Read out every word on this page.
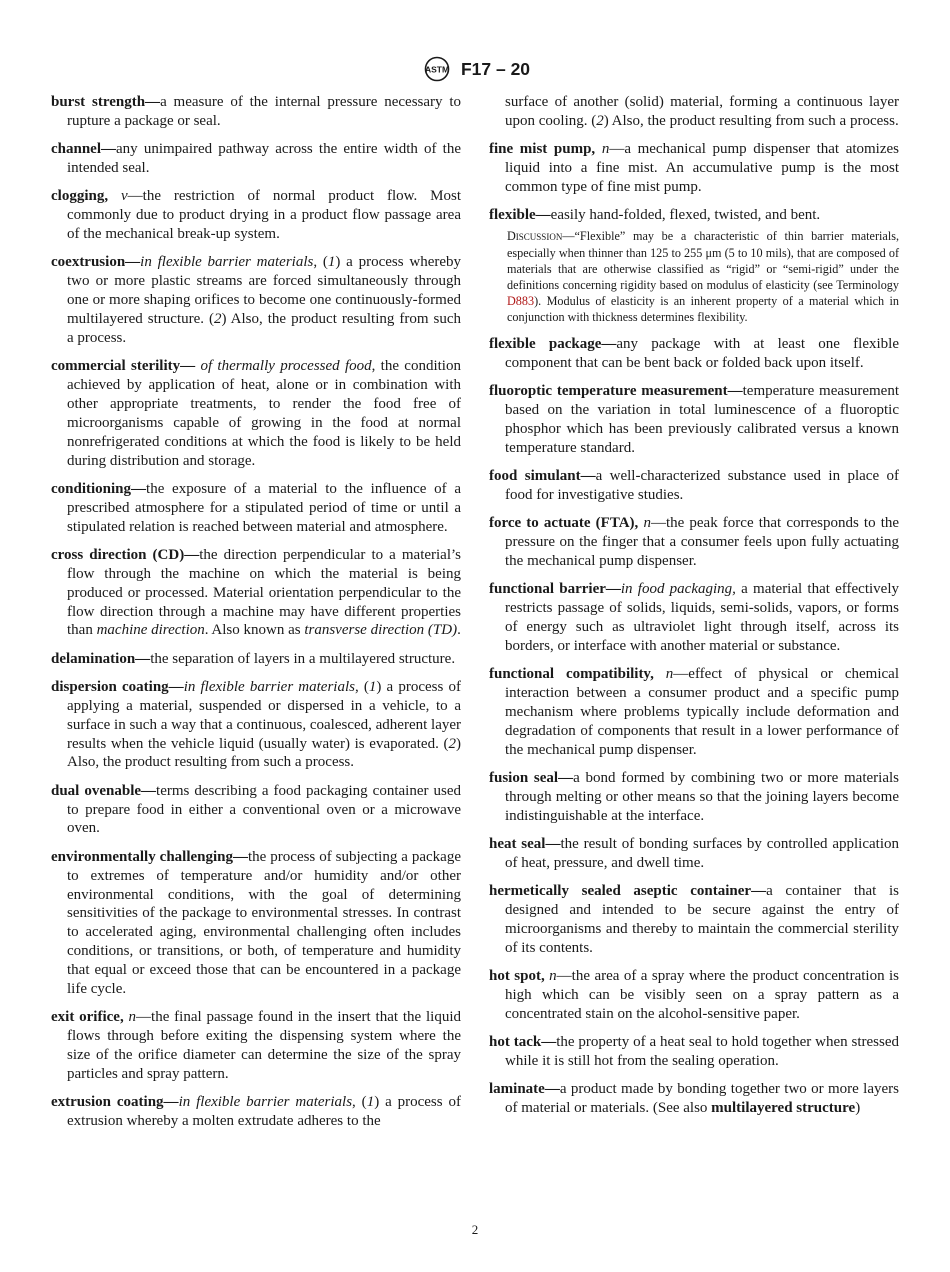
ASTM F17 – 20

burst strength—a measure of the internal pressure necessary to rupture a package or seal.

channel—any unimpaired pathway across the entire width of the intended seal.

clogging, v—the restriction of normal product flow. Most commonly due to product drying in a product flow passage area of the mechanical break-up system.

coextrusion—in flexible barrier materials, (1) a process whereby two or more plastic streams are forced simultaneously through one or more shaping orifices to become one continuously-formed multilayered structure. (2) Also, the product resulting from such a process.

commercial sterility— of thermally processed food, the condition achieved by application of heat, alone or in combination with other appropriate treatments, to render the food free of microorganisms capable of growing in the food at normal nonrefrigerated conditions at which the food is likely to be held during distribution and storage.

conditioning—the exposure of a material to the influence of a prescribed atmosphere for a stipulated period of time or until a stipulated relation is reached between material and atmosphere.

cross direction (CD)—the direction perpendicular to a material’s flow through the machine on which the material is being produced or processed. Material orientation perpendicular to the flow direction through a machine may have different properties than machine direction. Also known as transverse direction (TD).

delamination—the separation of layers in a multilayered structure.

dispersion coating—in flexible barrier materials, (1) a process of applying a material, suspended or dispersed in a vehicle, to a surface in such a way that a continuous, coalesced, adherent layer results when the vehicle liquid (usually water) is evaporated. (2) Also, the product resulting from such a process.

dual ovenable—terms describing a food packaging container used to prepare food in either a conventional oven or a microwave oven.

environmentally challenging—the process of subjecting a package to extremes of temperature and/or humidity and/or other environmental conditions, with the goal of determining sensitivities of the package to environmental stresses. In contrast to accelerated aging, environmental challenging often includes conditions, or transitions, or both, of temperature and humidity that equal or exceed those that can be encountered in a package life cycle.

exit orifice, n—the final passage found in the insert that the liquid flows through before exiting the dispensing system where the size of the orifice diameter can determine the size of the spray particles and spray pattern.

extrusion coating—in flexible barrier materials, (1) a process of extrusion whereby a molten extrudate adheres to the

surface of another (solid) material, forming a continuous layer upon cooling. (2) Also, the product resulting from such a process.

fine mist pump, n—a mechanical pump dispenser that atomizes liquid into a fine mist. An accumulative pump is the most common type of fine mist pump.

flexible—easily hand-folded, flexed, twisted, and bent.

Discussion—“Flexible” may be a characteristic of thin barrier materials, especially when thinner than 125 to 255 μm (5 to 10 mils), that are composed of materials that are otherwise classified as “rigid” or “semi-rigid” under the definitions concerning rigidity based on modulus of elasticity (see Terminology D883). Modulus of elasticity is an inherent property of a material which in conjunction with thickness determines flexibility.

flexible package—any package with at least one flexible component that can be bent back or folded back upon itself.

fluoroptic temperature measurement—temperature measurement based on the variation in total luminescence of a fluoroptic phosphor which has been previously calibrated versus a known temperature standard.

food simulant—a well-characterized substance used in place of food for investigative studies.

force to actuate (FTA), n—the peak force that corresponds to the pressure on the finger that a consumer feels upon fully actuating the mechanical pump dispenser.

functional barrier—in food packaging, a material that effectively restricts passage of solids, liquids, semi-solids, vapors, or forms of energy such as ultraviolet light through itself, across its borders, or interface with another material or substance.

functional compatibility, n—effect of physical or chemical interaction between a consumer product and a specific pump mechanism where problems typically include deformation and degradation of components that result in a lower performance of the mechanical pump dispenser.

fusion seal—a bond formed by combining two or more materials through melting or other means so that the joining layers become indistinguishable at the interface.

heat seal—the result of bonding surfaces by controlled application of heat, pressure, and dwell time.

hermetically sealed aseptic container—a container that is designed and intended to be secure against the entry of microorganisms and thereby to maintain the commercial sterility of its contents.

hot spot, n—the area of a spray where the product concentration is high which can be visibly seen on a spray pattern as a concentrated stain on the alcohol-sensitive paper.

hot tack—the property of a heat seal to hold together when stressed while it is still hot from the sealing operation.

laminate—a product made by bonding together two or more layers of material or materials. (See also multilayered structure)

2
